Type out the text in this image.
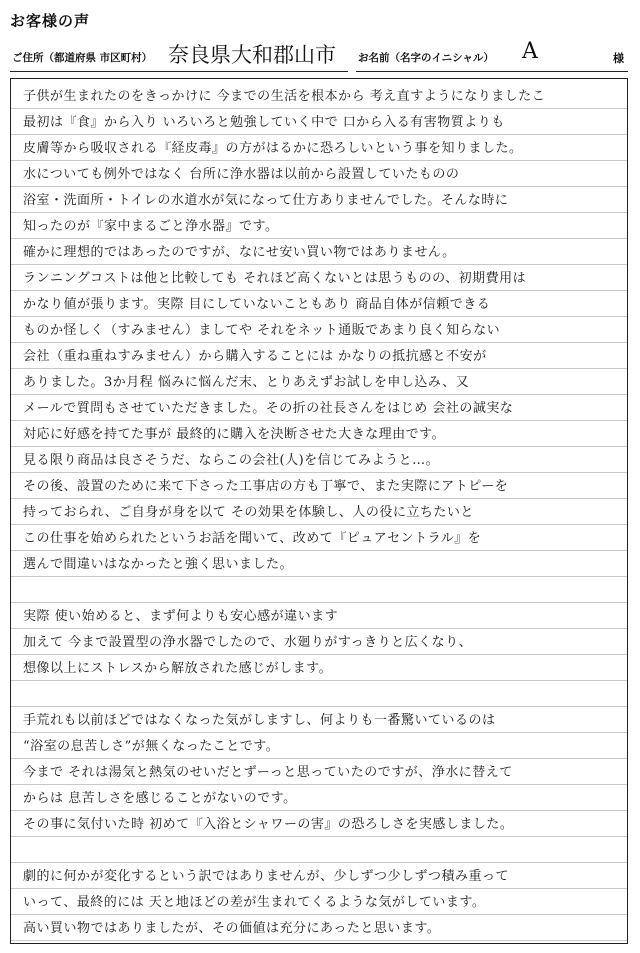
お客様の声
ご住所（都道府県 市区町村） 奈良県大和郡山市 お名前（名字のイニシャル） A	様
子供が生まれたのをきっかけに 今までの生活を根本から 考え直すようになりましたこ
最初は『食』から入り いろいろと勉強していく中で 口から入る有害物質よりも
皮膚等から吸収される『経皮毒』の方がはるかに恐ろしいという事を知りました。
水についても例外ではなく 台所に浄水器は以前から設置していたものの
浴室・洗面所・トイレの水道水が気になって仕方ありませんでした。そんな時に
知ったのが『家中まるごと浄水器』です。
確かに理想的ではあったのですが、なにせ安い買い物ではありません。
ランニングコストは他と比較しても それほど高くないとは思うものの、初期費用は
かなり値が張ります。実際 目にしていないこともあり 商品自体が信頼できる
ものか怪しく（すみません）ましてや それをネット通販であまり良く知らない
会社（重ね重ねすみません）から購入することには かなりの抵抗感と不安が
ありました。3か月程 悩みに悩んだ末、とりあえずお試しを申し込み、又
メールで質問もさせていただきました。その折の社長さんをはじめ 会社の誠実な
対応に好感を持てた事が 最終的に購入を決断させた大きな理由です。
見る限り商品は良さそうだ、ならこの会社(人)を信じてみようと…。
その後、設置のために来て下さった工事店の方も丁寧で、また実際にアトピーを
持っておられ、ご自身が身を以て その効果を体験し、人の役に立ちたいと
この仕事を始められたというお話を聞いて、改めて『ピュアセントラル』を
選んで間違いはなかったと強く思いました。
実際 使い始めると、まず何よりも安心感が違います
加えて 今まで設置型の浄水器でしたので、水廻りがすっきりと広くなり、
想像以上にストレスから解放された感じがします。
手荒れも以前ほどではなくなった気がしますし、何よりも一番驚いているのは
“浴室の息苦しさ”が無くなったことです。
今まで それは湯気と熱気のせいだとずーっと思っていたのですが、浄水に替えて
からは 息苦しさを感じることがないのです。
その事に気付いた時 初めて『入浴とシャワーの害』の恐ろしさを実感しました。
劇的に何かが変化するという訳ではありませんが、少しずつ少しずつ積み重って
いって、最終的には 天と地ほどの差が生まれてくるような気がしています。
高い買い物ではありましたが、その価値は充分にあったと思います。
